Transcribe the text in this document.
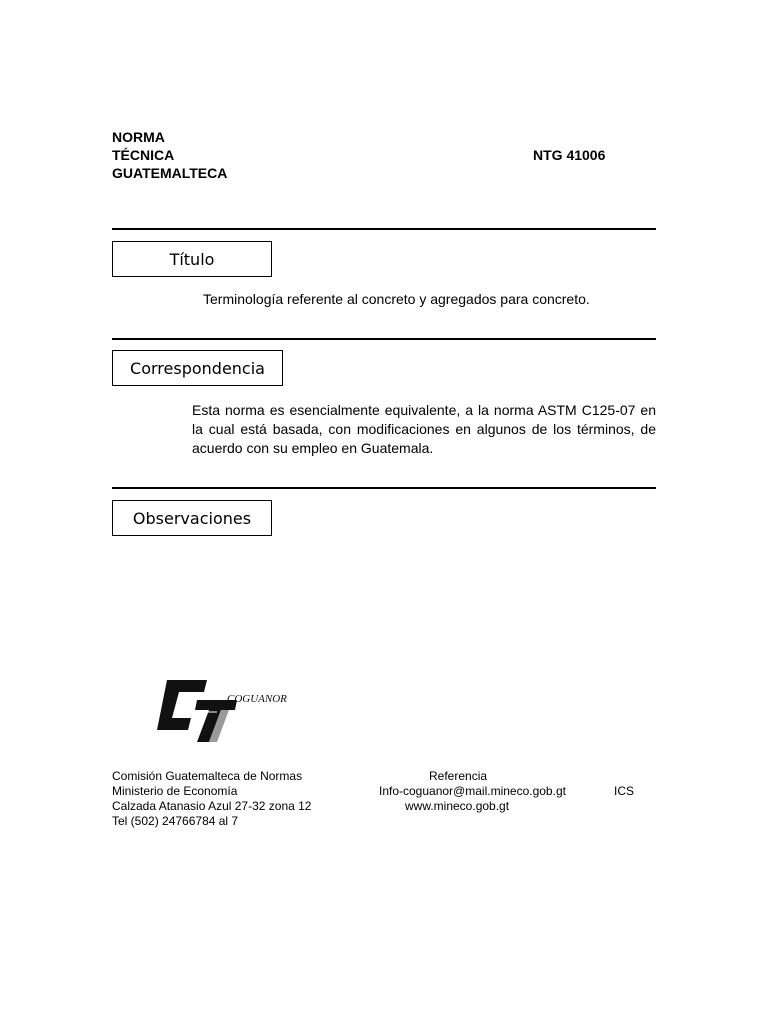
NORMA
TÉCNICA
GUATEMALTECA
NTG 41006
Título
Terminología referente al concreto y agregados para concreto.
Correspondencia
Esta norma es esencialmente equivalente, a la norma ASTM C125-07 en la cual está basada, con modificaciones en algunos de los términos, de acuerdo con su empleo en Guatemala.
Observaciones
COGUANOR
Comisión Guatemalteca de Normas
Ministerio de Economía
Calzada Atanasio Azul 27-32 zona 12
Tel (502) 24766784 al 7
Referencia
Info-coguanor@mail.mineco.gob.gt
www.mineco.gob.gt
ICS
